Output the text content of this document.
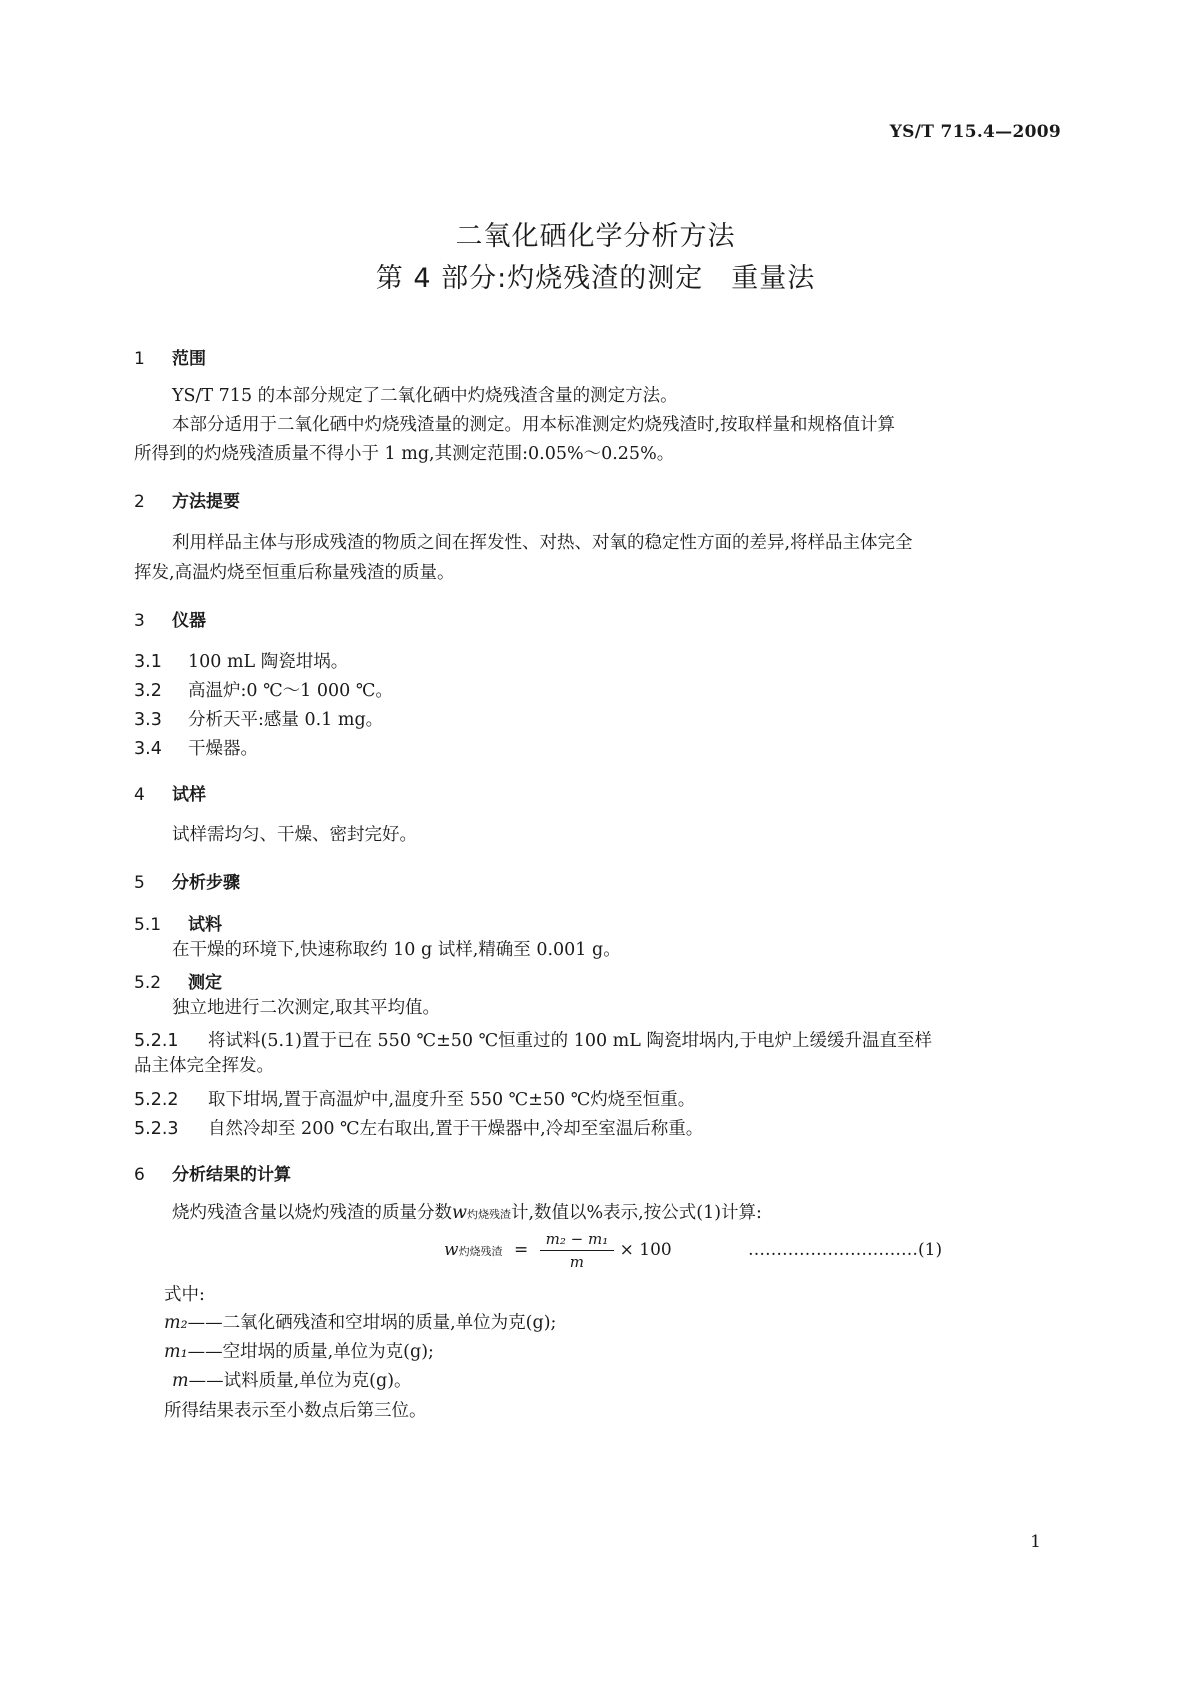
YS/T 715.4—2009
二氧化硒化学分析方法
第 4 部分:灼烧残渣的测定　重量法
1 范围
YS/T 715 的本部分规定了二氧化硒中灼烧残渣含量的测定方法。
本部分适用于二氧化硒中灼烧残渣量的测定。用本标准测定灼烧残渣时,按取样量和规格值计算
所得到的灼烧残渣质量不得小于 1 mg,其测定范围:0.05%～0.25%。
2 方法提要
利用样品主体与形成残渣的物质之间在挥发性、对热、对氧的稳定性方面的差异,将样品主体完全
挥发,高温灼烧至恒重后称量残渣的质量。
3 仪器
3.1 100 mL 陶瓷坩埚。
3.2 高温炉:0 ℃～1 000 ℃。
3.3 分析天平:感量 0.1 mg。
3.4 干燥器。
4 试样
试样需均匀、干燥、密封完好。
5 分析步骤
5.1 试料
在干燥的环境下,快速称取约 10 g 试样,精确至 0.001 g。
5.2 测定
独立地进行二次测定,取其平均值。
5.2.1 将试料(5.1)置于已在 550 ℃±50 ℃恒重过的 100 mL 陶瓷坩埚内,于电炉上缓缓升温直至样
品主体完全挥发。
5.2.2 取下坩埚,置于高温炉中,温度升至 550 ℃±50 ℃灼烧至恒重。
5.2.3 自然冷却至 200 ℃左右取出,置于干燥器中,冷却至室温后称重。
6 分析结果的计算
烧灼残渣含量以烧灼残渣的质量分数w灼烧残渣计,数值以%表示,按公式(1)计算:
w灼烧残渣 = $\frac{\text{m₂ − m₁}}{m} \times 100$	…………………………(1)
式中:
m₂——二氧化硒残渣和空坩埚的质量,单位为克(g);
m₁——空坩埚的质量,单位为克(g);
m——试料质量,单位为克(g)。
所得结果表示至小数点后第三位。
1
